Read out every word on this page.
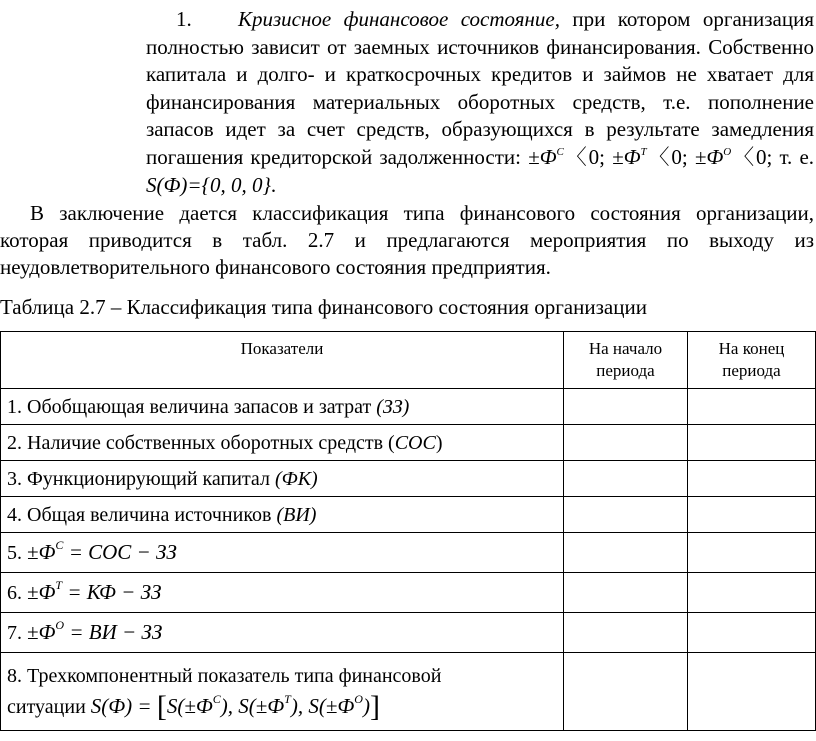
1. Кризисное финансовое состояние, при котором организация полностью зависит от заемных источников финансирования. Собственно капитала и долго- и краткосрочных кредитов и займов не хватает для финансирования материальных оборотных средств, т.е. пополнение запасов идет за счет средств, образующихся в результате замедления погашения кредиторской задолженности: $\pm Ф^С$〈0; $\pm Ф^Т$〈0; $\pm Ф^О$〈0; т. е. S(Ф)={0, 0, 0}.
В заключение дается классификация типа финансового состояния организации, которая приводится в табл. 2.7 и предлагаются мероприятия по выходу из неудовлетворительного финансового состояния предприятия.
Таблица 2.7 – Классификация типа финансового состояния организации
Показатели	На начало периода	На конец периода
1. Обобщающая величина запасов и затрат (ЗЗ)		
2. Наличие собственных оборотных средств (СОС)		
3. Функционирующий капитал (ФК)		
4. Общая величина источников (ВИ)		
5. $\pm Ф^С$ = СОС − ЗЗ		
6. $\pm Ф^Т$ = КФ − ЗЗ		
7. $\pm Ф^О$ = ВИ − ЗЗ		

8. Трехкомпонентный показатель типа финансовой
ситуации $S(Ф) = [S(\pm Ф^С)$, $S(\pm Ф^Т)$, $S(\pm Ф^О)$]		
